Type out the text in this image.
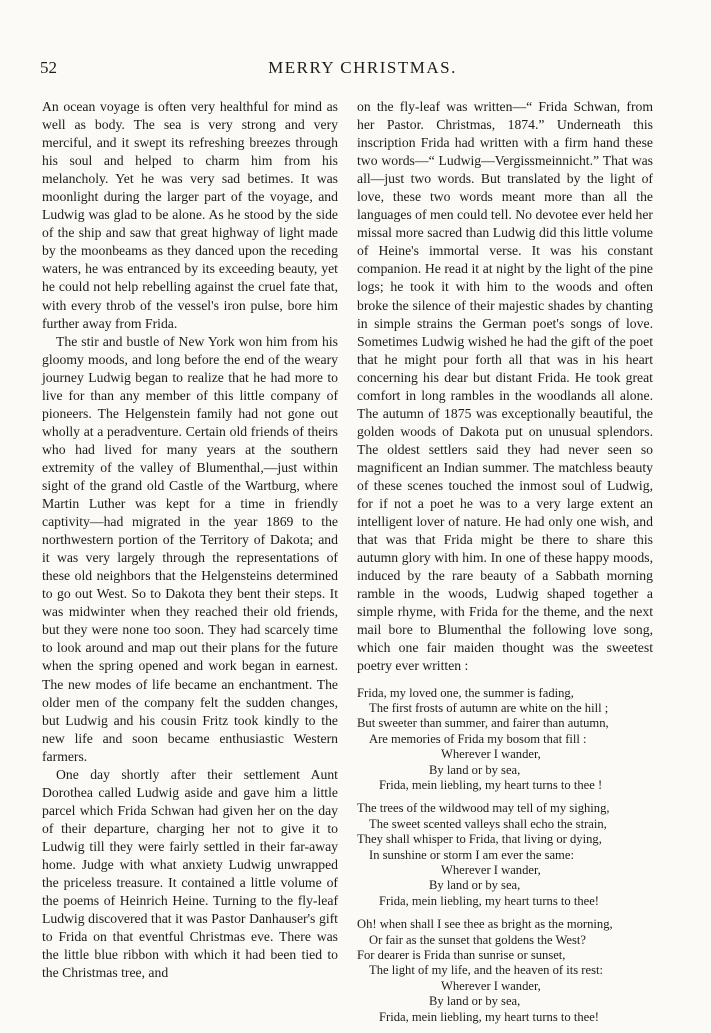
52	MERRY CHRISTMAS.

An ocean voyage is often very healthful for mind as well as body. The sea is very strong and very merciful, and it swept its refreshing breezes through his soul and helped to charm him from his melancholy. Yet he was very sad betimes. It was moonlight during the larger part of the voyage, and Ludwig was glad to be alone. As he stood by the side of the ship and saw that great highway of light made by the moonbeams as they danced upon the receding waters, he was entranced by its exceeding beauty, yet he could not help rebelling against the cruel fate that, with every throb of the vessel's iron pulse, bore him further away from Frida.

The stir and bustle of New York won him from his gloomy moods, and long before the end of the weary journey Ludwig began to realize that he had more to live for than any member of this little company of pioneers. The Helgenstein family had not gone out wholly at a peradventure. Certain old friends of theirs who had lived for many years at the southern extremity of the valley of Blumenthal,—just within sight of the grand old Castle of the Wartburg, where Martin Luther was kept for a time in friendly captivity—had migrated in the year 1869 to the northwestern portion of the Territory of Dakota; and it was very largely through the representations of these old neighbors that the Helgensteins determined to go out West. So to Dakota they bent their steps. It was midwinter when they reached their old friends, but they were none too soon. They had scarcely time to look around and map out their plans for the future when the spring opened and work began in earnest. The new modes of life became an enchantment. The older men of the company felt the sudden changes, but Ludwig and his cousin Fritz took kindly to the new life and soon became enthusiastic Western farmers.

One day shortly after their settlement Aunt Dorothea called Ludwig aside and gave him a little parcel which Frida Schwan had given her on the day of their departure, charging her not to give it to Ludwig till they were fairly settled in their far-away home. Judge with what anxiety Ludwig unwrapped the priceless treasure. It contained a little volume of the poems of Heinrich Heine. Turning to the fly-leaf Ludwig discovered that it was Pastor Danhauser's gift to Frida on that eventful Christmas eve. There was the little blue ribbon with which it had been tied to the Christmas tree, and

on the fly-leaf was written—“ Frida Schwan, from her Pastor. Christmas, 1874.” Underneath this inscription Frida had written with a firm hand these two words—“ Ludwig—Vergissmeinnicht.” That was all—just two words. But translated by the light of love, these two words meant more than all the languages of men could tell. No devotee ever held her missal more sacred than Ludwig did this little volume of Heine's immortal verse. It was his constant companion. He read it at night by the light of the pine logs; he took it with him to the woods and often broke the silence of their majestic shades by chanting in simple strains the German poet's songs of love. Sometimes Ludwig wished he had the gift of the poet that he might pour forth all that was in his heart concerning his dear but distant Frida. He took great comfort in long rambles in the woodlands all alone. The autumn of 1875 was exceptionally beautiful, the golden woods of Dakota put on unusual splendors. The oldest settlers said they had never seen so magnificent an Indian summer. The matchless beauty of these scenes touched the inmost soul of Ludwig, for if not a poet he was to a very large extent an intelligent lover of nature. He had only one wish, and that was that Frida might be there to share this autumn glory with him. In one of these happy moods, induced by the rare beauty of a Sabbath morning ramble in the woods, Ludwig shaped together a simple rhyme, with Frida for the theme, and the next mail bore to Blumenthal the following love song, which one fair maiden thought was the sweetest poetry ever written :

Frida, my loved one, the summer is fading,
The first frosts of autumn are white on the hill ;
But sweeter than summer, and fairer than autumn,
Are memories of Frida my bosom that fill :
Wherever I wander,
By land or by sea,
Frida, mein liebling, my heart turns to thee !
The trees of the wildwood may tell of my sighing,
The sweet scented valleys shall echo the strain,
They shall whisper to Frida, that living or dying,
In sunshine or storm I am ever the same:
Wherever I wander,
By land or by sea,
Frida, mein liebling, my heart turns to thee!
Oh! when shall I see thee as bright as the morning,
Or fair as the sunset that goldens the West?
For dearer is Frida than sunrise or sunset,
The light of my life, and the heaven of its rest:
Wherever I wander,
By land or by sea,
Frida, mein liebling, my heart turns to thee!
